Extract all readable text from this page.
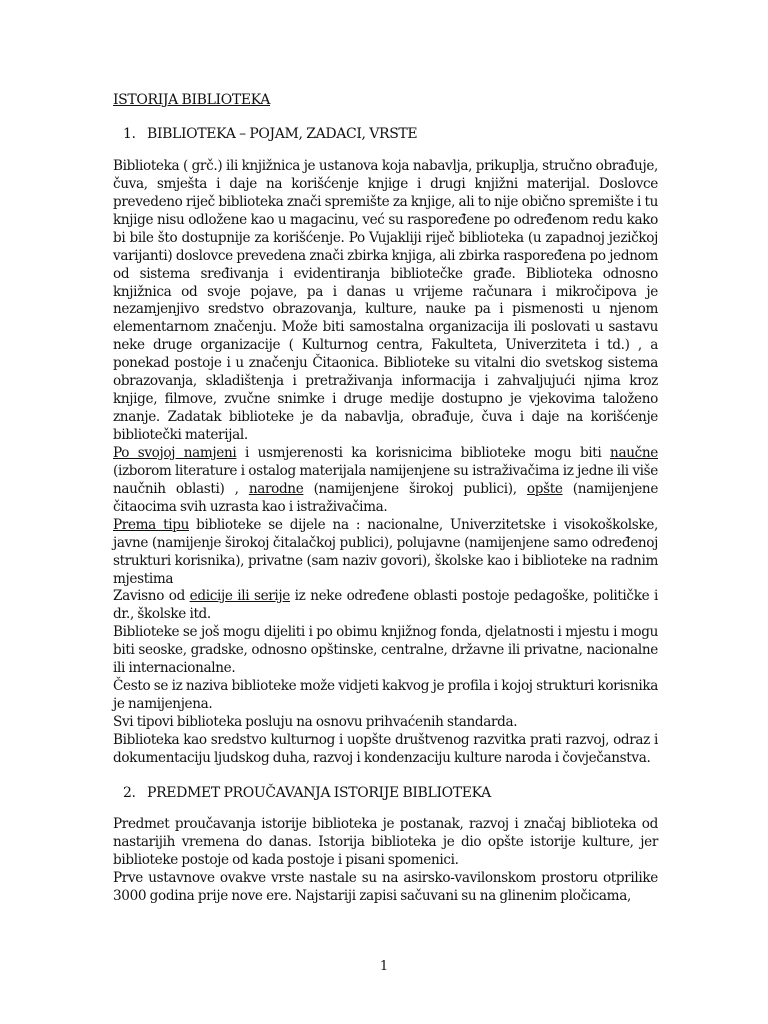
ISTORIJA BIBLIOTEKA

1. BIBLIOTEKA – POJAM, ZADACI, VRSTE

Biblioteka ( grč.) ili knjižnica je ustanova koja nabavlja, prikuplja, stručno obrađuje, čuva, smješta i daje na korišćenje knjige i drugi knjižni materijal. Doslovce prevedeno riječ biblioteka znači spremište za knjige, ali to nije obično spremište i tu knjige nisu odložene kao u magacinu, već su raspoređene po određenom redu kako bi bile što dostupnije za korišćenje. Po Vujakliji riječ biblioteka (u zapadnoj jezičkoj varijanti) doslovce prevedena znači zbirka knjiga, ali zbirka raspoređena po jednom od sistema sređivanja i evidentiranja bibliotečke građe. Biblioteka odnosno knjižnica od svoje pojave, pa i danas u vrijeme računara i mikročipova je nezamjenjivo sredstvo obrazovanja, kulture, nauke pa i pismenosti u njenom elementarnom značenju. Može biti samostalna organizacija ili poslovati u sastavu neke druge organizacije ( Kulturnog centra, Fakulteta, Univerziteta i td.) , a ponekad postoje i u značenju Čitaonica. Biblioteke su vitalni dio svetskog sistema obrazovanja, skladištenja i pretraživanja informacija i zahvaljujući njima kroz knjige, filmove, zvučne snimke i druge medije dostupno je vjekovima taloženo znanje. Zadatak biblioteke je da nabavlja, obrađuje, čuva i daje na korišćenje bibliotečki materijal.

Po svojoj namjeni i usmjerenosti ka korisnicima biblioteke mogu biti naučne (izborom literature i ostalog materijala namijenjene su istraživačima iz jedne ili više naučnih oblasti) , narodne (namijenjene širokoj publici), opšte (namijenjene čitaocima svih uzrasta kao i istraživačima.

Prema tipu biblioteke se dijele na : nacionalne, Univerzitetske i visokoškolske, javne (namijenje širokoj čitalačkoj publici), polujavne (namijenjene samo određenoj strukturi korisnika), privatne (sam naziv govori), školske kao i biblioteke na radnim mjestima

Zavisno od edicije ili serije iz neke određene oblasti postoje pedagoške, političke i dr., školske itd.

Biblioteke se još mogu dijeliti i po obimu knjižnog fonda, djelatnosti i mjestu i mogu biti seoske, gradske, odnosno opštinske, centralne, državne ili privatne, nacionalne ili internacionalne.

Često se iz naziva biblioteke može vidjeti kakvog je profila i kojoj strukturi korisnika je namijenjena.

Svi tipovi biblioteka posluju na osnovu prihvaćenih standarda.

Biblioteka kao sredstvo kulturnog i uopšte društvenog razvitka prati razvoj, odraz i dokumentaciju ljudskog duha, razvoj i kondenzaciju kulture naroda i čovječanstva.

2. PREDMET PROUČAVANJA ISTORIJE BIBLIOTEKA

Predmet proučavanja istorije biblioteka je postanak, razvoj i značaj biblioteka od nastarijih vremena do danas. Istorija biblioteka je dio opšte istorije kulture, jer biblioteke postoje od kada postoje i pisani spomenici.

Prve ustavnove ovakve vrste nastale su na asirsko-vavilonskom prostoru otprilike 3000 godina prije nove ere. Najstariji zapisi sačuvani su na glinenim pločicama,

1
